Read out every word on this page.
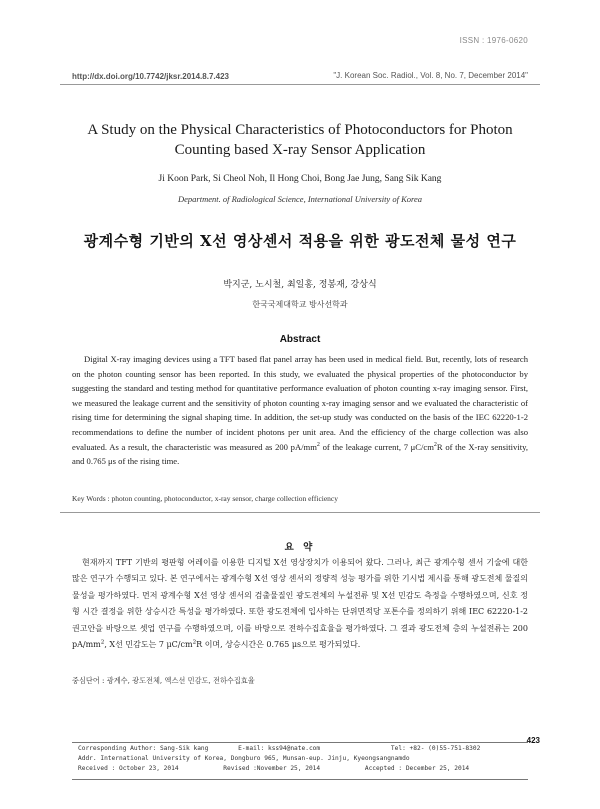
ISSN : 1976-0620
http://dx.doi.org/10.7742/jksr.2014.8.7.423	"J. Korean Soc. Radiol., Vol. 8, No. 7, December 2014"
A Study on the Physical Characteristics of Photoconductors for Photon
Counting based X-ray Sensor Application
Ji Koon Park, Si Cheol Noh, Il Hong Choi, Bong Jae Jung, Sang Sik Kang
Department. of Radiological Science, International University of Korea
광계수형 기반의 X선 영상센서 적용을 위한 광도전체 물성 연구
박지군, 노시철, 최일홍, 정봉재, 강상식
한국국제대학교 방사선학과
Abstract
Digital X-ray imaging devices using a TFT based flat panel array has been used in medical field. But, recently, lots of research on the photon counting sensor has been reported. In this study, we evaluated the physical properties of the photoconductor by suggesting the standard and testing method for quantitative performance evaluation of photon counting x-ray imaging sensor. First, we measured the leakage current and the sensitivity of photon counting x-ray imaging sensor and we evaluated the characteristic of rising time for determining the signal shaping time. In addition, the set-up study was conducted on the basis of the IEC 62220-1-2 recommendations to define the number of incident photons per unit area. And the efficiency of the charge collection was also evaluated. As a result, the characteristic was measured as 200 $pA/mm^2$ of the leakage current, 7 $\mu C/cm^2R$ of the X-ray sensitivity, and 0.765 μs of the rising time.
Key Words : photon counting, photoconductor, x-ray sensor, charge collection efficiency
요 약
현재까지 TFT 기반의 평판형 어레이를 이용한 디지털 X선 영상장치가 이용되어 왔다. 그러나, 최근 광계수형 센서 기술에 대한 많은 연구가 수행되고 있다. 본 연구에서는 광계수형 X선 영상 센서의 정량적 성능 평가를 위한 기시법 제시를 통해 광도전체 물질의 물성을 평가하였다. 먼저 광계수형 X선 영상 센서의 검출물질인 광도전체의 누설전류 및 X선 민감도 측정을 수행하였으며, 신호 정형 시간 결정을 위한 상승시간 특성을 평가하였다. 또한 광도전체에 입사하는 단위면적당 포톤수를 정의하기 위해 IEC 62220-1-2 권고안을 바탕으로 셋업 연구를 수행하였으며, 이를 바탕으로 전하수집효율을 평가하였다. 그 결과 광도전체 층의 누설전류는 200 $pA/mm^2$, X선 민감도는 7 $\mu C/cm^2R$ 이며, 상승시간은 0.765 μs으로 평가되었다.
중심단어 : 광계수, 광도전체, 엑스선 민감도, 전하수집효율
423
Corresponding Author: Sang-Sik kang        E-mail: kss94@nate.com                   Tel: +82- (0)55-751-8302
Addr. International University of Korea, Dongburo 965, Munsan-eup. Jinju, Kyeongsangnamdo
Received : October 23, 2014            Revised :November 25, 2014            Accepted : December 25, 2014
